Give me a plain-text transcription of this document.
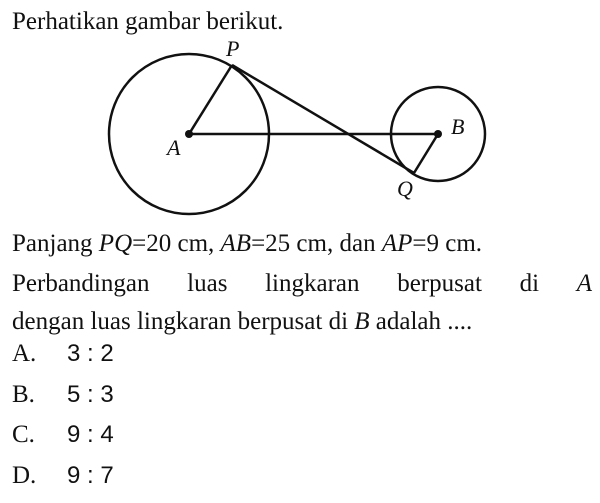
Perhatikan gambar berikut.
P
A
B
Q
Panjang PQ=20 cm, AB=25 cm, dan AP=9 cm.
Perbandingan luas lingkaran berpusat di A
dengan luas lingkaran berpusat di B adalah ....
A. 3 : 2
B. 5 : 3
C. 9 : 4
D. 9 : 7
